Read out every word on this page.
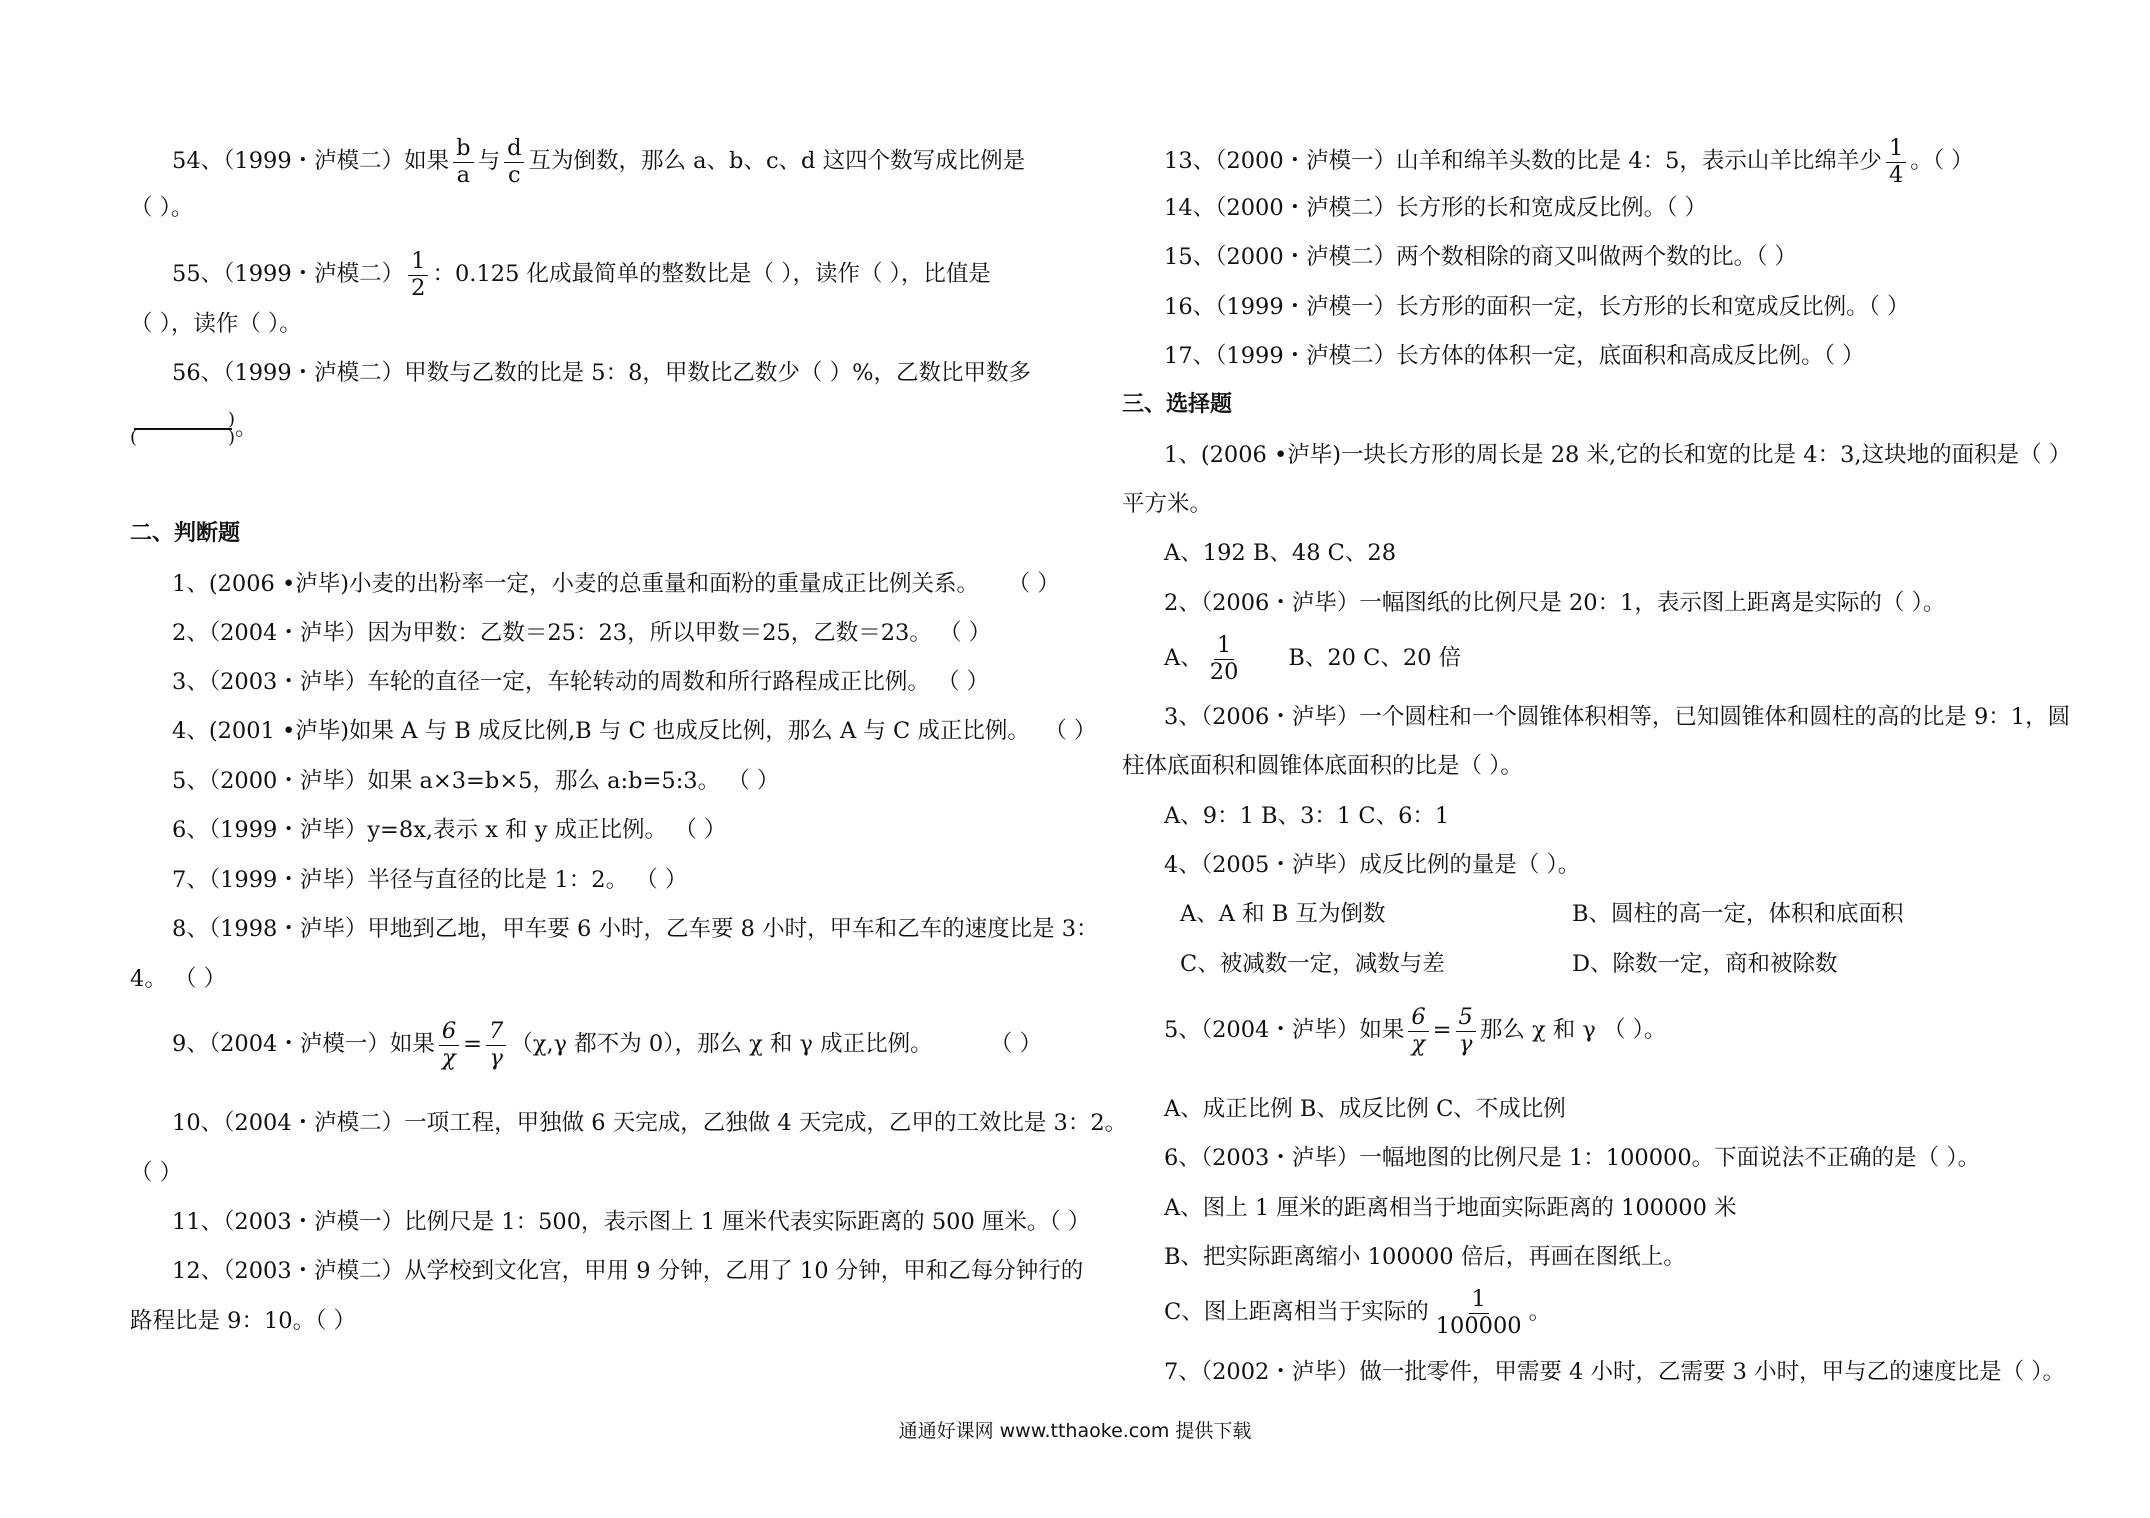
54、（1999・泸模二）如果 $\frac{b}{a}$ 与 $\frac{d}{c}$ 互为倒数，那么 a、b、c、d 这四个数写成比例是
（ ）。
55、（1999・泸模二） $\frac{1}{2}$ ：0.125 化成最简单的整数比是（ ），读作（ ），比值是
（ ），读作（ ）。
56、（1999・泸模二）甲数与乙数的比是 5：8，甲数比乙数少（ ）%，乙数比甲数多
)
(	) 。
二、判断题
1、(2006 •泸毕)小麦的出粉率一定，小麦的总重量和面粉的重量成正比例关系。 （ ）
2、（2004・泸毕）因为甲数：乙数＝25：23，所以甲数＝25，乙数＝23。 （ ）
3、（2003・泸毕）车轮的直径一定，车轮转动的周数和所行路程成正比例。 （ ）
4、(2001 •泸毕)如果 A 与 B 成反比例,B 与 C 也成反比例，那么 A 与 C 成正比例。 （ ）
5、（2000・泸毕）如果 a×3=b×5，那么 a:b=5:3。 （ ）
6、（1999・泸毕）y=8x,表示 x 和 y 成正比例。 （ ）
7、（1999・泸毕）半径与直径的比是 1：2。 （ ）
8、（1998・泸毕）甲地到乙地，甲车要 6 小时，乙车要 8 小时，甲车和乙车的速度比是 3：
4。 （ ）
9、（2004・泸模一）如果 $\frac{6}{\chi} = \frac{7}{\gamma} (\chi,\gamma$ 都不为 0），那么 χ 和 γ 成正比例。	（ ）
10、（2004・泸模二）一项工程，甲独做 6 天完成，乙独做 4 天完成，乙甲的工效比是 3：2。
（ ）
11、（2003・泸模一）比例尺是 1：500，表示图上 1 厘米代表实际距离的 500 厘米。（ ）
12、（2003・泸模二）从学校到文化宫，甲用 9 分钟，乙用了 10 分钟，甲和乙每分钟行的
路程比是 9：10。（ ）
13、（2000・泸模一）山羊和绵羊头数的比是 4：5，表示山羊比绵羊少 $\frac{1}{4}$ 。（ ）
14、（2000・泸模二）长方形的长和宽成反比例。（ ）
15、（2000・泸模二）两个数相除的商又叫做两个数的比。（ ）
16、（1999・泸模一）长方形的面积一定，长方形的长和宽成反比例。（ ）
17、（1999・泸模二）长方体的体积一定，底面积和高成反比例。（ ）
三、选择题
1、(2006 •泸毕)一块长方形的周长是 28 米,它的长和宽的比是 4：3,这块地的面积是（ ）
平方米。
A、192 B、48 C、28
2、（2006・泸毕）一幅图纸的比例尺是 20：1，表示图上距离是实际的（ ）。
A、 $\frac{1}{20}$ B、20 C、20 倍
3、（2006・泸毕）一个圆柱和一个圆锥体积相等，已知圆锥体和圆柱的高的比是 9：1，圆
柱体底面积和圆锥体底面积的比是（ ）。
A、9：1 B、3：1 C、6：1
4、（2005・泸毕）成反比例的量是（ ）。
A、A 和 B 互为倒数	B、圆柱的高一定，体积和底面积
C、被减数一定，减数与差	D、除数一定，商和被除数
5、（2004・泸毕）如果 $\frac{6}{\chi} = \frac{5}{\gamma}$ 那么 χ 和 γ （ ）。
A、成正比例 B、成反比例 C、不成比例
6、（2003・泸毕）一幅地图的比例尺是 1：100000。下面说法不正确的是（ ）。
A、图上 1 厘米的距离相当于地面实际距离的 100000 米
B、把实际距离缩小 100000 倍后，再画在图纸上。
C、图上距离相当于实际的 $\frac{1}{100000}$ 。
7、（2002・泸毕）做一批零件，甲需要 4 小时，乙需要 3 小时，甲与乙的速度比是（ ）。
通通好课网 www.tthaoke.com 提供下载
